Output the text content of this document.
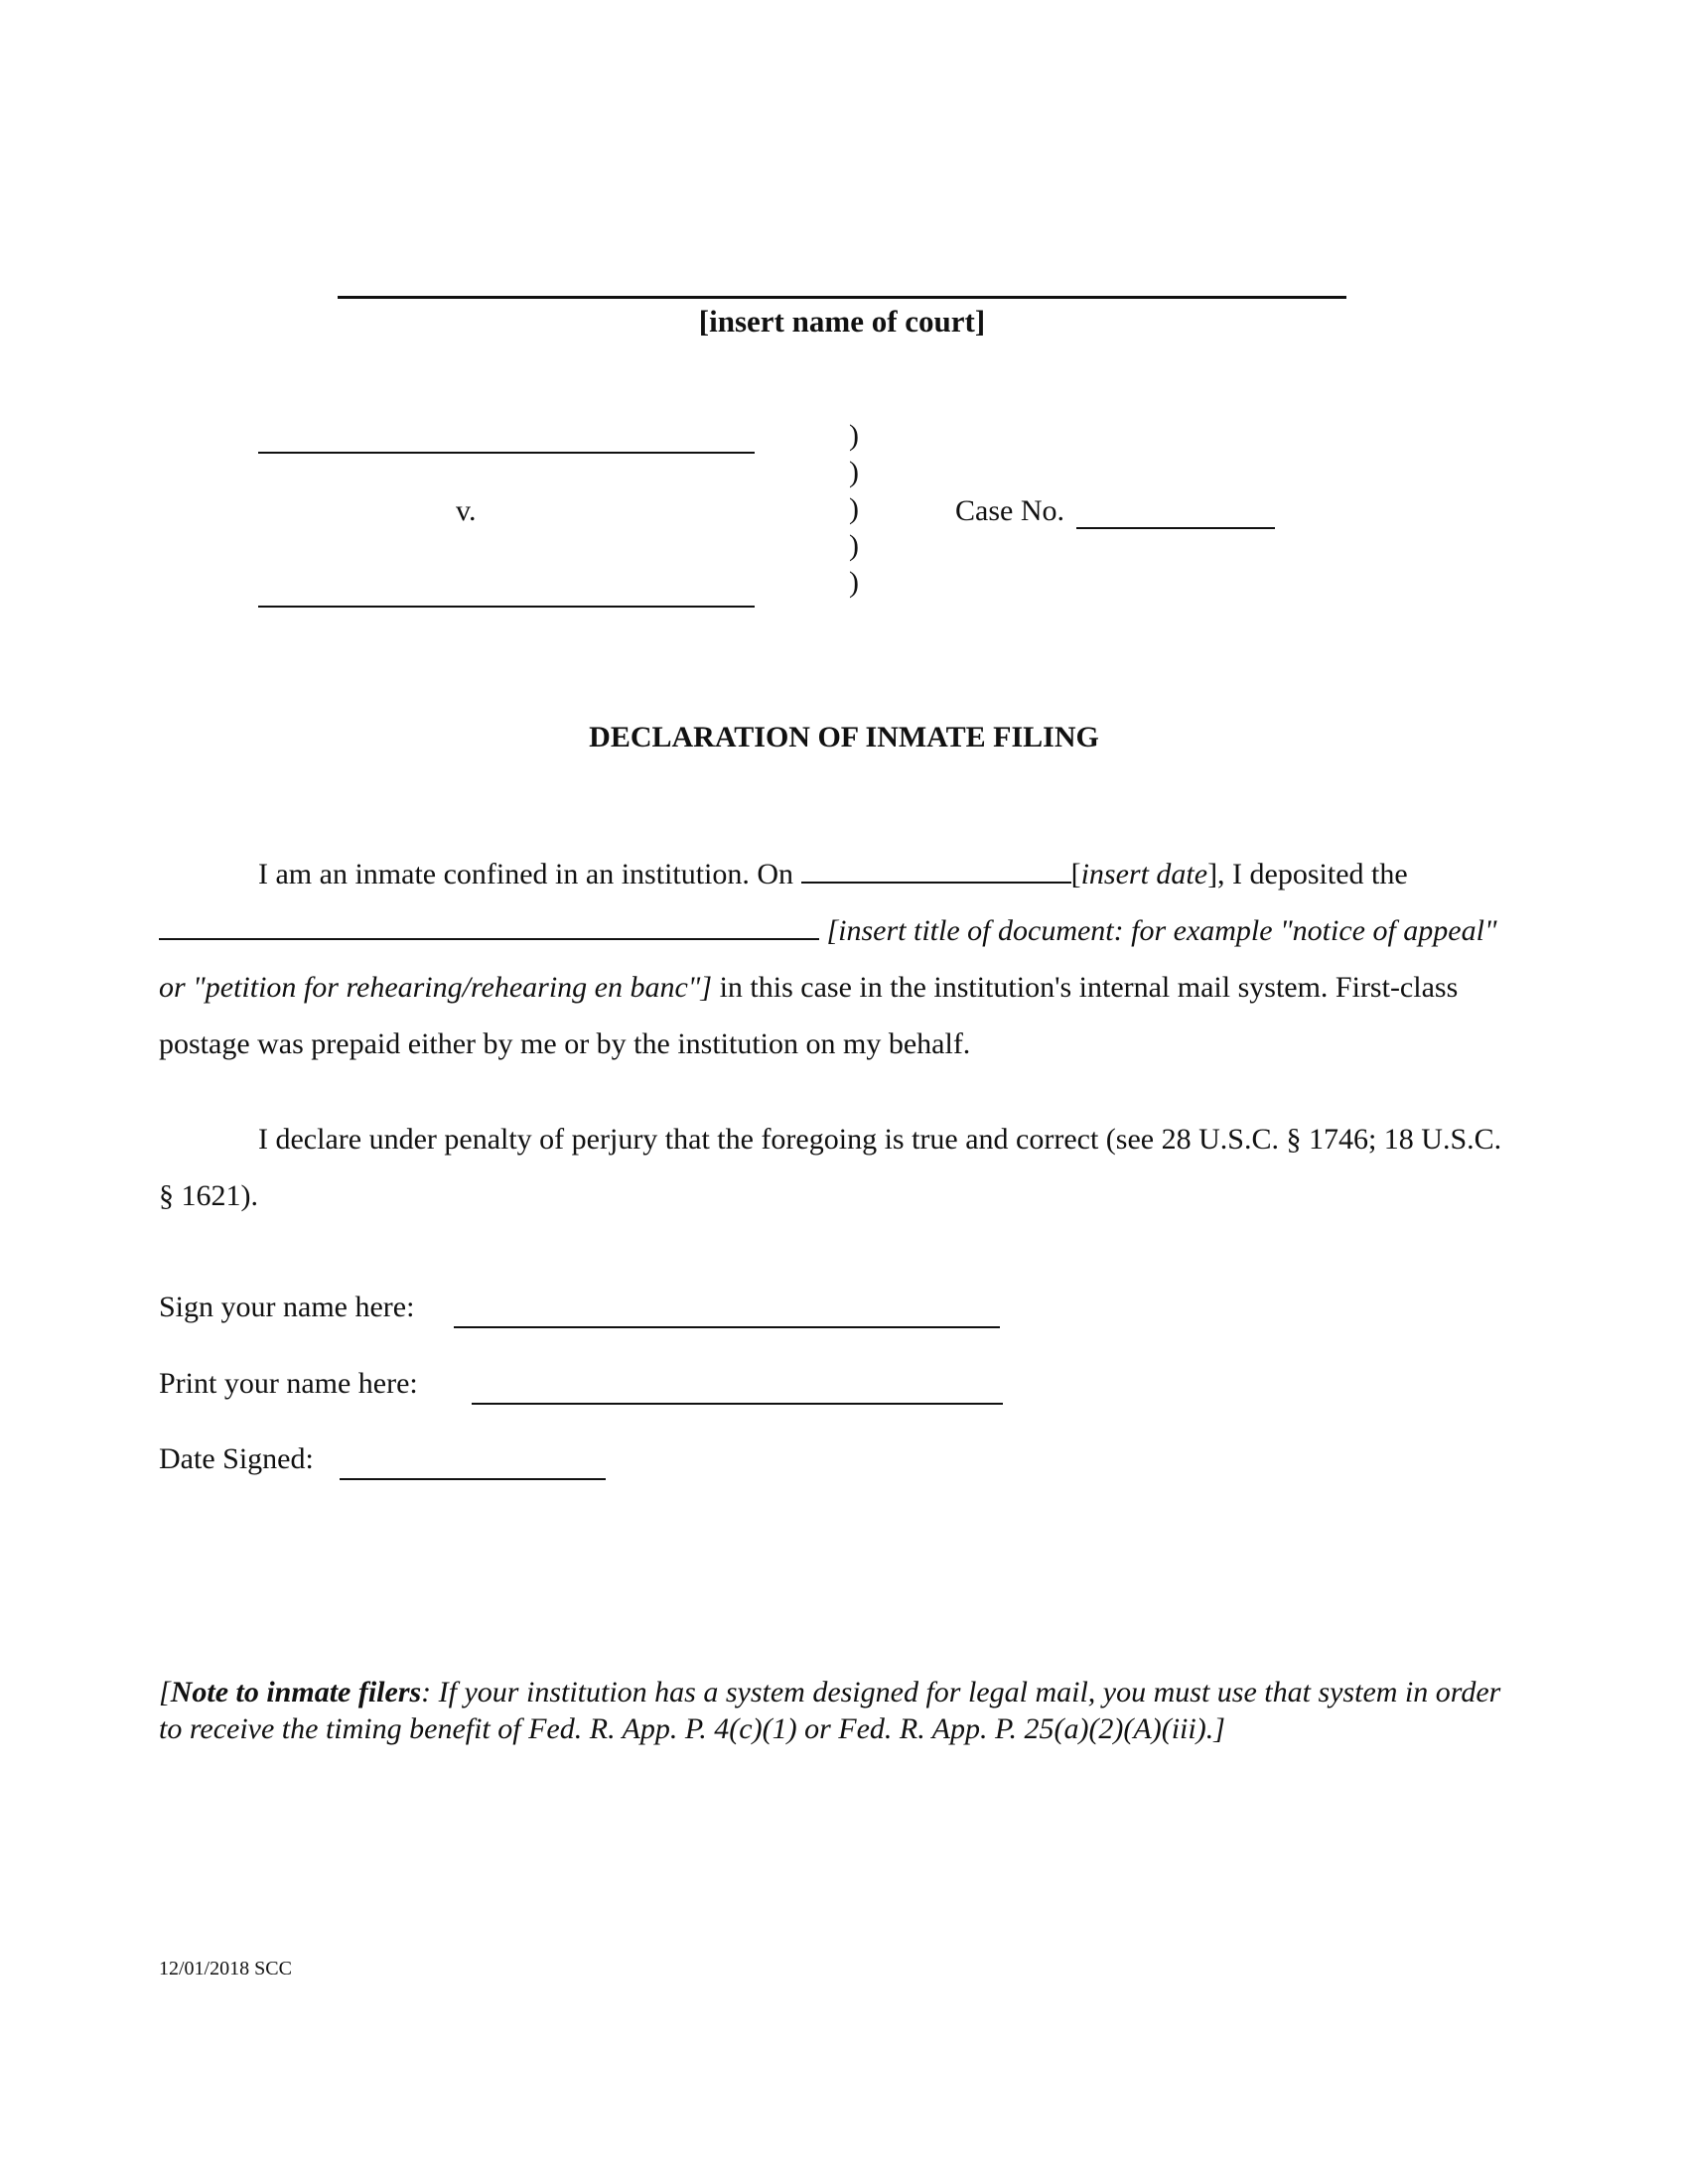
[insert name of court]
v.
)
)
)
)
)
Case No.
DECLARATION OF INMATE FILING
I am an inmate confined in an institution. On	[insert date], I deposited the
[insert title of document: for example "notice of appeal" or "petition for rehearing/rehearing en banc"] in this case in the institution's internal mail system. First-class postage was prepaid either by me or by the institution on my behalf.
I declare under penalty of perjury that the foregoing is true and correct (see 28 U.S.C. § 1746; 18 U.S.C. § 1621).
Sign your name here:
Print your name here:
Date Signed:
[Note to inmate filers: If your institution has a system designed for legal mail, you must use that system in order to receive the timing benefit of Fed. R. App. P. 4(c)(1) or Fed. R. App. P. 25(a)(2)(A)(iii).]
12/01/2018 SCC
